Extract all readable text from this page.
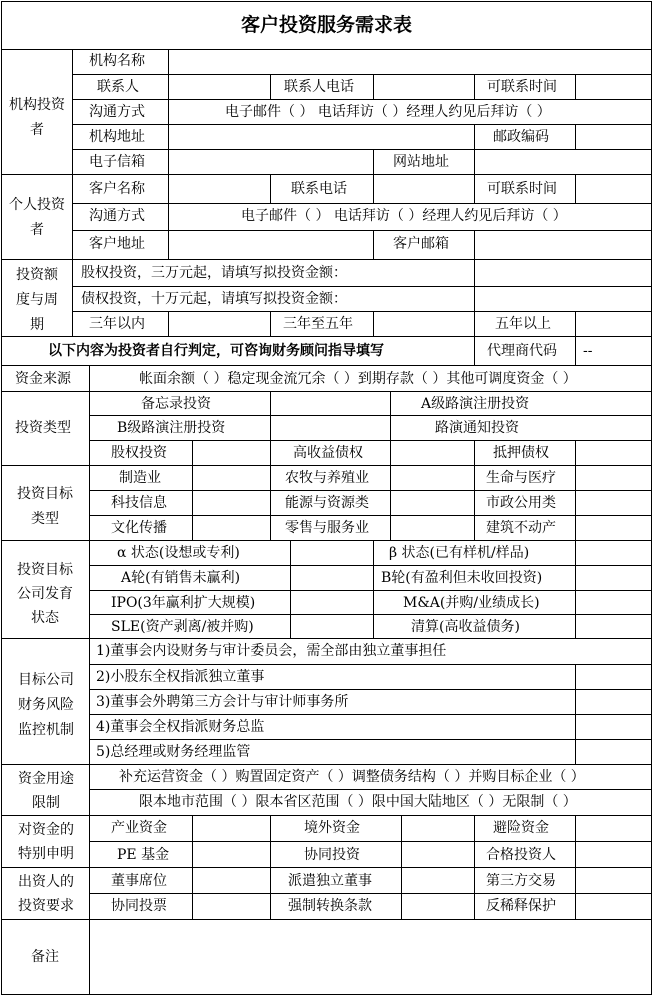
客户投资服务需求表
机构投资者
机构名称
联系人	联系人电话	可联系时间
沟通方式	电子邮件（ ） 电话拜访（ ）经理人约见后拜访（ ）
机构地址	邮政编码
电子信箱	网站地址
个人投资者
客户名称	联系电话	可联系时间
沟通方式	电子邮件（ ） 电话拜访（ ）经理人约见后拜访（ ）
客户地址	客户邮箱
投资额度与周期
股权投资，三万元起，请填写拟投资金额：
债权投资，十万元起，请填写拟投资金额：
三年以内	三年至五年	五年以上
以下内容为投资者自行判定，可咨询财务顾问指导填写	代理商代码 --
资金来源	帐面余额（ ）稳定现金流冗余（ ）到期存款（ ）其他可调度资金（ ）
投资类型
备忘录投资	A级路演注册投资
B级路演注册投资	路演通知投资
股权投资	高收益债权	抵押债权
投资目标类型
制造业	农牧与养殖业	生命与医疗
科技信息	能源与资源类	市政公用类
文化传播	零售与服务业	建筑不动产
投资目标公司发育状态
α 状态(设想或专利)	β 状态(已有样机/样品)
A轮(有销售未赢利)	B轮(有盈利但未收回投资)
IPO(3年赢利扩大规模)	M&A(并购/业绩成长)
SLE(资产剥离/被并购)	清算(高收益债务)
目标公司财务风险监控机制
1)董事会内设财务与审计委员会，需全部由独立董事担任
2)小股东全权指派独立董事
3)董事会外聘第三方会计与审计师事务所
4)董事会全权指派财务总监
5)总经理或财务经理监管
资金用途限制
补充运营资金（ ）购置固定资产（ ）调整债务结构（ ）并购目标企业（ ）
限本地市范围（ ）限本省区范围（ ）限中国大陆地区（ ）无限制（ ）
对资金的特别申明
产业资金	境外资金	避险资金
PE 基金	协同投资	合格投资人
出资人的投资要求
董事席位	派遣独立董事	第三方交易
协同投票	强制转换条款	反稀释保护
备注
